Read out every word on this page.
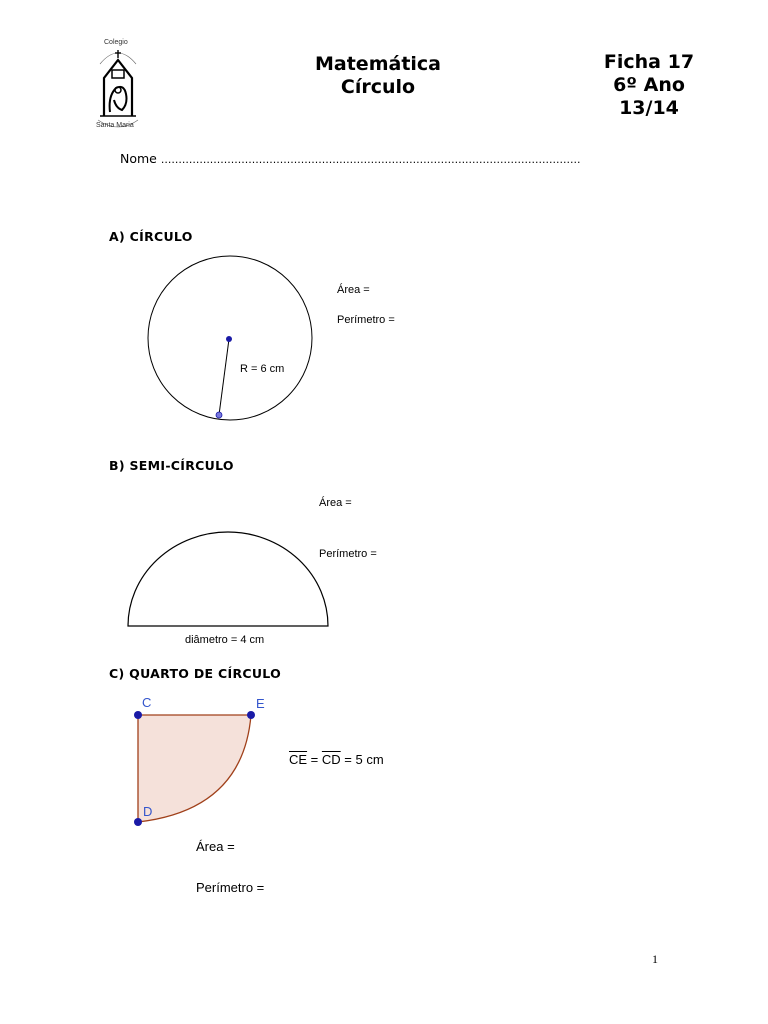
Colegio
Santa Maria
Matemática
Círculo
Ficha 17
6º Ano
13/14
Nome ........................................................................................................................
A) CÍRCULO
R = 6 cm
Área =
Perímetro =
B) SEMI-CÍRCULO
diâmetro = 4 cm
Área =
Perímetro =
C) QUARTO DE CÍRCULO
C	E
D
$\overline{CE} = \overline{CD} = 5$ cm
Área =
Perímetro =
1
